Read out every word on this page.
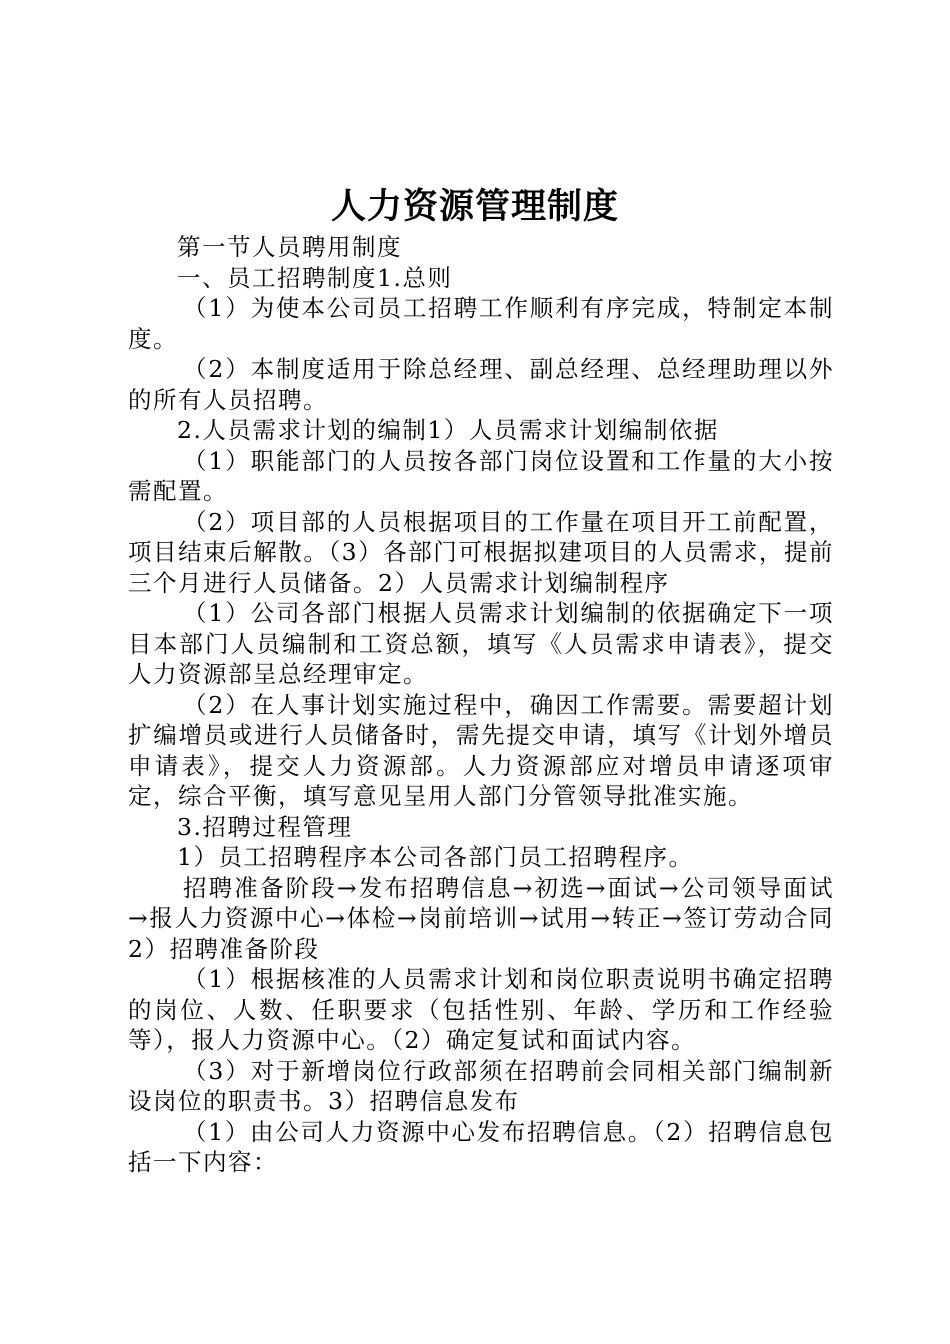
人力资源管理制度

第一节人员聘用制度

一、员工招聘制度1.总则

（1）为使本公司员工招聘工作顺利有序完成，特制定本制度。

（2）本制度适用于除总经理、副总经理、总经理助理以外的所有人员招聘。

2.人员需求计划的编制1）人员需求计划编制依据

（1）职能部门的人员按各部门岗位设置和工作量的大小按需配置。

（2）项目部的人员根据项目的工作量在项目开工前配置，项目结束后解散。（3）各部门可根据拟建项目的人员需求，提前三个月进行人员储备。2）人员需求计划编制程序

（1）公司各部门根据人员需求计划编制的依据确定下一项目本部门人员编制和工资总额，填写《人员需求申请表》，提交人力资源部呈总经理审定。

（2）在人事计划实施过程中，确因工作需要。需要超计划扩编增员或进行人员储备时，需先提交申请，填写《计划外增员申请表》，提交人力资源部。人力资源部应对增员申请逐项审定，综合平衡，填写意见呈用人部门分管领导批准实施。

3.招聘过程管理

1）员工招聘程序本公司各部门员工招聘程序。

招聘准备阶段→发布招聘信息→初选→面试→公司领导面试→报人力资源中心→体检→岗前培训→试用→转正→签订劳动合同2）招聘准备阶段

（1）根据核准的人员需求计划和岗位职责说明书确定招聘的岗位、人数、任职要求（包括性别、年龄、学历和工作经验等），报人力资源中心。（2）确定复试和面试内容。

（3）对于新增岗位行政部须在招聘前会同相关部门编制新设岗位的职责书。3）招聘信息发布

（1）由公司人力资源中心发布招聘信息。（2）招聘信息包括一下内容：
